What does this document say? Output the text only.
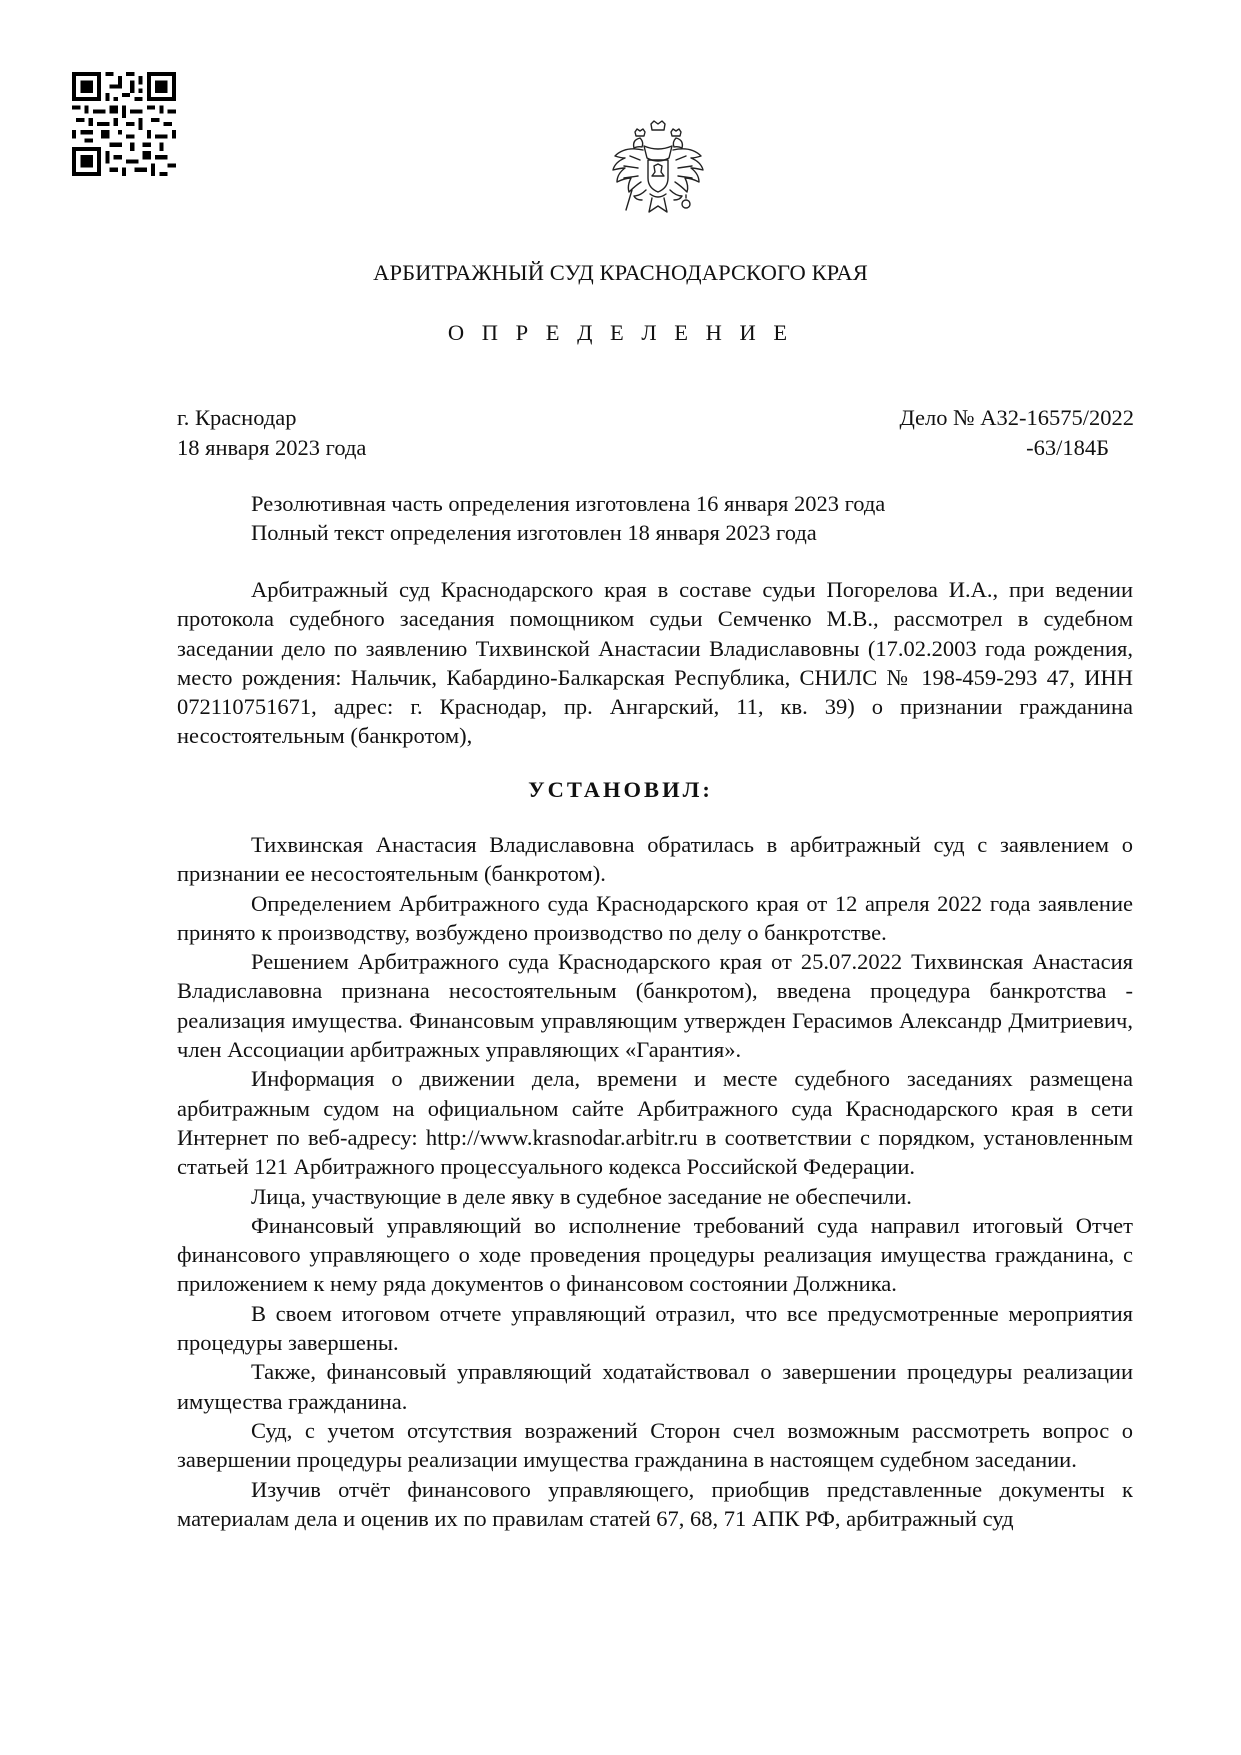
АРБИТРАЖНЫЙ СУД КРАСНОДАРСКОГО КРАЯ
О П Р Е Д Е Л Е Н И Е
г. Краснодар
18 января 2023 года
Дело № А32-16575/2022
-63/184Б
Резолютивная часть определения изготовлена 16 января 2023 года
Полный текст определения изготовлен 18 января 2023 года

Арбитражный суд Краснодарского края в составе судьи Погорелова И.А., при ведении протокола судебного заседания помощником судьи Семченко М.В., рассмотрел в судебном заседании дело по заявлению Тихвинской Анастасии Владиславовны (17.02.2003 года рождения, место рождения: Нальчик, Кабардино-Балкарская Республика, СНИЛС № 198-459-293 47, ИНН 072110751671, адрес: г. Краснодар, пр. Ангарский, 11, кв. 39) о признании гражданина несостоятельным (банкротом),

УСТАНОВИЛ:

Тихвинская Анастасия Владиславовна обратилась в арбитражный суд с заявлением о признании ее несостоятельным (банкротом).

Определением Арбитражного суда Краснодарского края от 12 апреля 2022 года заявление принято к производству, возбуждено производство по делу о банкротстве.

Решением Арбитражного суда Краснодарского края от 25.07.2022 Тихвинская Анастасия Владиславовна признана несостоятельным (банкротом), введена процедура банкротства - реализация имущества. Финансовым управляющим утвержден Герасимов Александр Дмитриевич, член Ассоциации арбитражных управляющих «Гарантия».

Информация о движении дела, времени и месте судебного заседаниях размещена арбитражным судом на официальном сайте Арбитражного суда Краснодарского края в сети Интернет по веб-адресу: http://www.krasnodar.arbitr.ru в соответствии с порядком, установленным статьей 121 Арбитражного процессуального кодекса Российской Федерации.

Лица, участвующие в деле явку в судебное заседание не обеспечили.

Финансовый управляющий во исполнение требований суда направил итоговый Отчет финансового управляющего о ходе проведения процедуры реализация имущества гражданина, с приложением к нему ряда документов о финансовом состоянии Должника.

В своем итоговом отчете управляющий отразил, что все предусмотренные мероприятия процедуры завершены.

Также, финансовый управляющий ходатайствовал о завершении процедуры реализации имущества гражданина.

Суд, с учетом отсутствия возражений Сторон счел возможным рассмотреть вопрос о завершении процедуры реализации имущества гражданина в настоящем судебном заседании.

Изучив отчёт финансового управляющего, приобщив представленные документы к материалам дела и оценив их по правилам статей 67, 68, 71 АПК РФ, арбитражный суд
